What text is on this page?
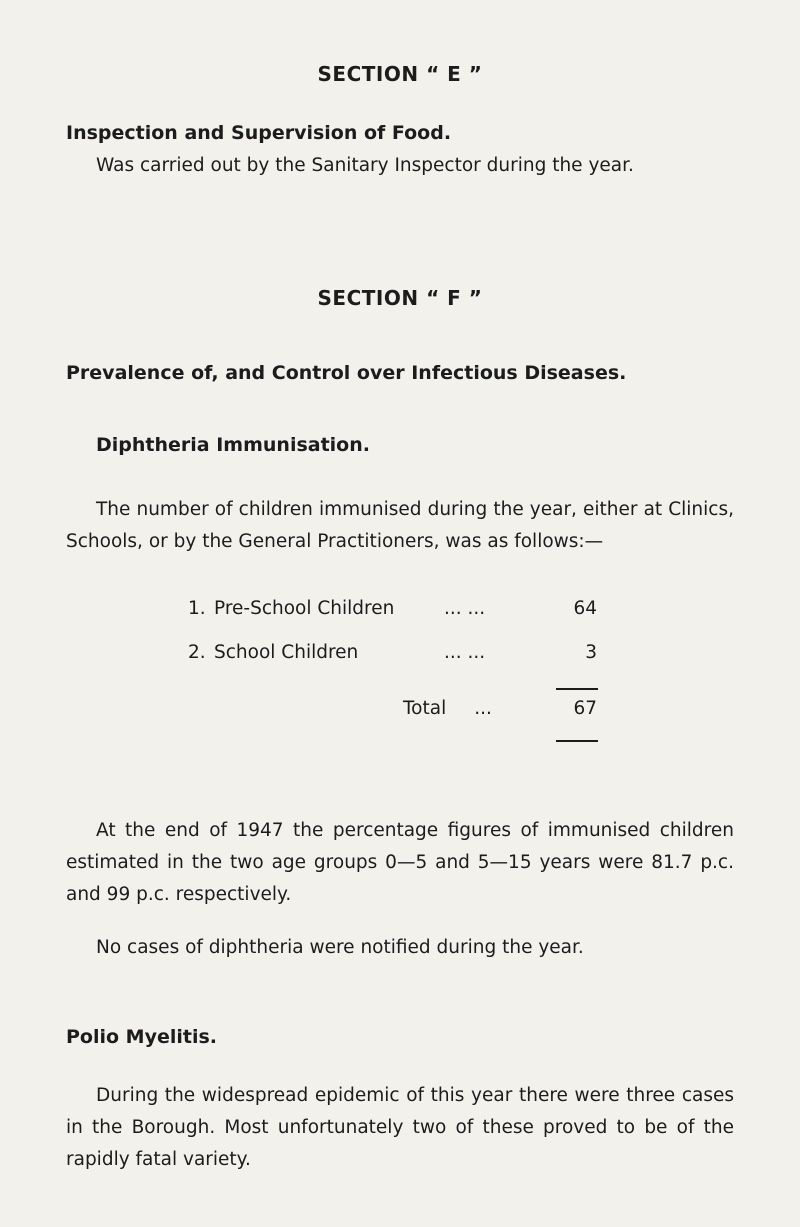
SECTION “ E ”
Inspection and Supervision of Food.
Was carried out by the Sanitary Inspector during the year.
SECTION “ F ”
Prevalence of, and Control over Infectious Diseases.
Diphtheria Immunisation.
The number of children immunised during the year, either at Clinics, Schools, or by the General Practitioners, was as follows:—
1. Pre-School Children	... ...	64
2. School Children	... ...	3
Total ...	67
At the end of 1947 the percentage figures of immunised children estimated in the two age groups 0—5 and 5—15 years were 81.7 p.c. and 99 p.c. respectively.
No cases of diphtheria were notified during the year.
Polio Myelitis.
During the widespread epidemic of this year there were three cases in the Borough. Most unfortunately two of these proved to be of the rapidly fatal variety.
